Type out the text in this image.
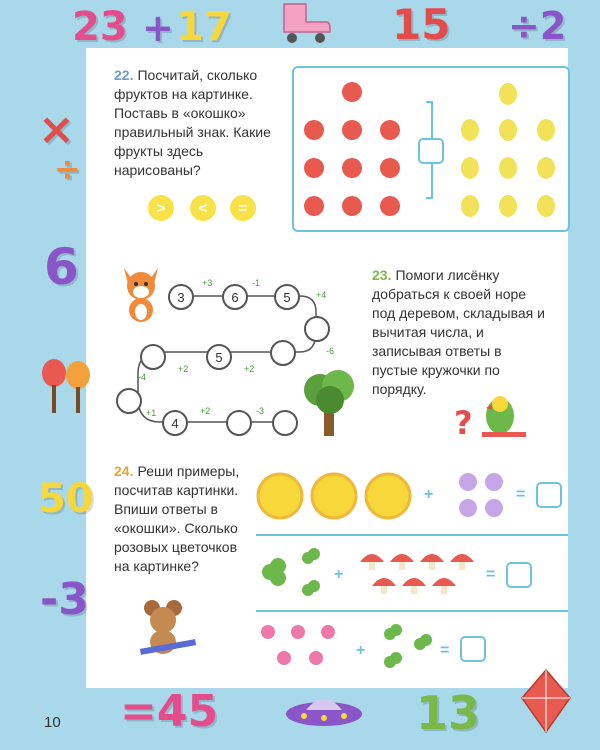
23 + 17	15 ÷2
×
÷
6
50
-3
22. Посчитай, сколько фруктов на картинке. Поставь в «окошко» правильный знак. Какие фрукты здесь нарисованы?
>	<	=
3	6	5
5
4
+3	-1
+4
-6
+2	+2
-4
+1	+2	-3
23. Помоги лисёнку добраться к своей норе под деревом, складывая и вычитая числа, и записывая ответы в пустые кружочки по порядку.
?
24. Реши примеры, посчитав картинки. Впиши ответы в «окошки». Сколько розовых цветочков на картинке?
+	=
+	=
+	=
10 =45	13
